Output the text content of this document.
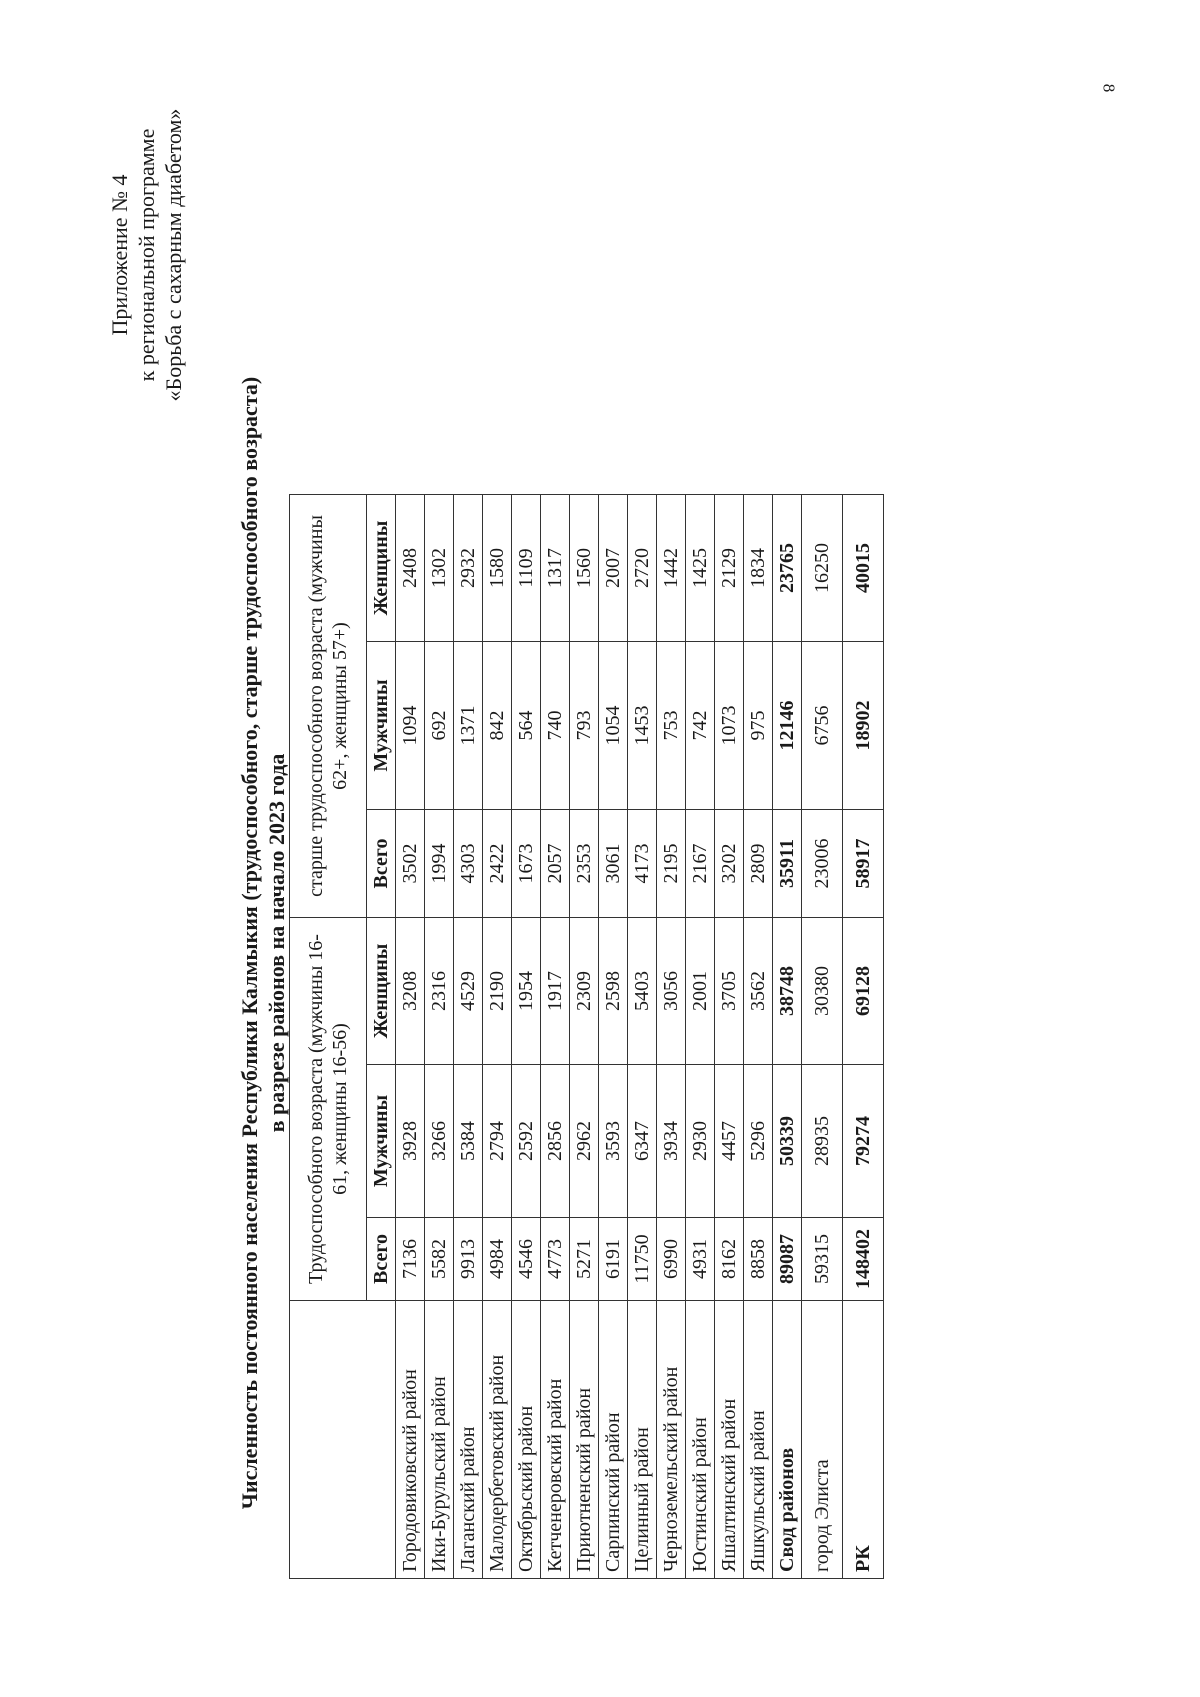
8
Приложение № 4 к региональной программе «Борьба с сахарным диабетом»
Численность постоянного населения Республики Калмыкия (трудоспособного, старше трудоспособного возраста) в разрезе районов на начало 2023 года
	Трудоспособного возраста (мужчины 16-61, женщины 16-56)			старше трудоспособного возраста (мужчины 62+, женщины 57+)		
	Всего	Мужчины	Женщины	Всего	Мужчины	Женщины
Городовиковский район	7136	3928	3208	3502	1094	2408
Ики-Бурульский район	5582	3266	2316	1994	692	1302
Лаганский район	9913	5384	4529	4303	1371	2932
Малодербетовский район	4984	2794	2190	2422	842	1580
Октябрьский район	4546	2592	1954	1673	564	1109
Кетченеровский район	4773	2856	1917	2057	740	1317
Приютненский район	5271	2962	2309	2353	793	1560
Сарпинский район	6191	3593	2598	3061	1054	2007
Целинный район	11750	6347	5403	4173	1453	2720
Черноземельский район	6990	3934	3056	2195	753	1442
Юстинский район	4931	2930	2001	2167	742	1425
Яшалтинский район	8162	4457	3705	3202	1073	2129
Яшкульский район	8858	5296	3562	2809	975	1834
Свод районов	89087	50339	38748	35911	12146	23765
город Элиста	59315	28935	30380	23006	6756	16250
РК	148402	79274	69128	58917	18902	40015
